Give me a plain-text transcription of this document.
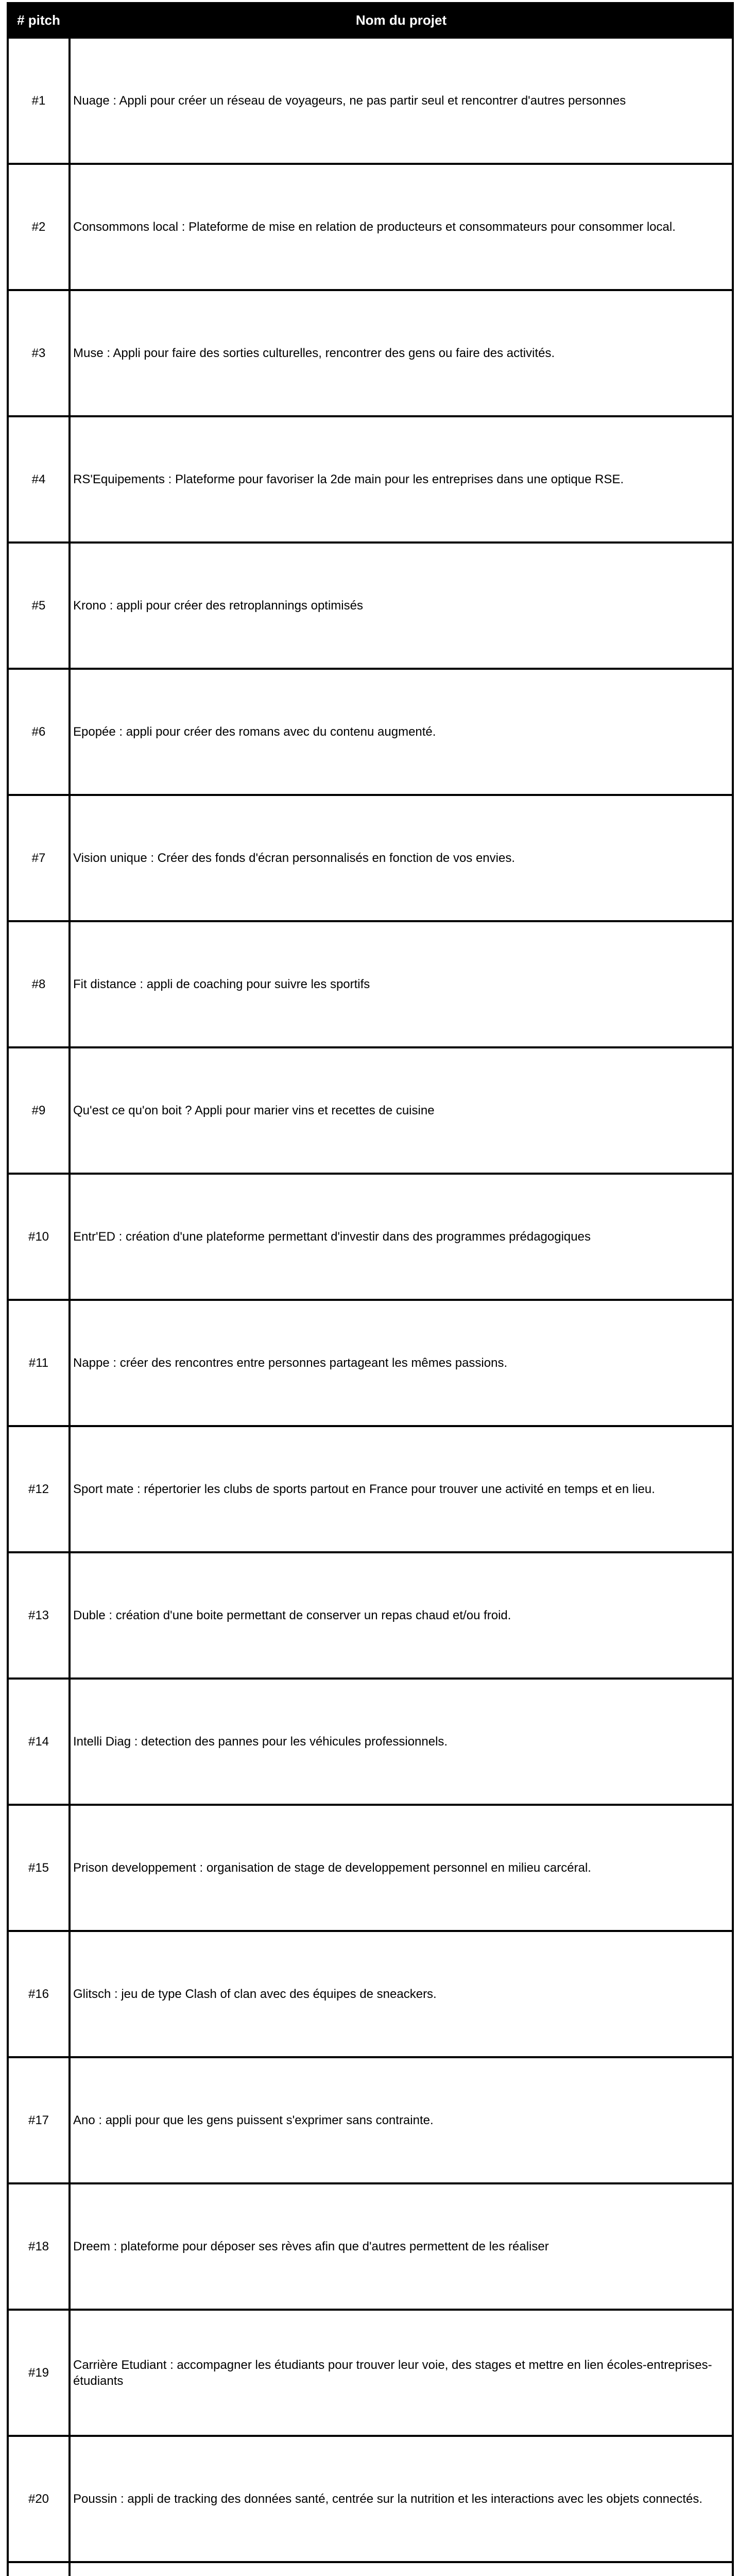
# pitch	Nom du projet
#1	Nuage : Appli pour créer un réseau de voyageurs, ne pas partir seul et rencontrer d'autres personnes
#2	Consommons local : Plateforme de mise en relation de producteurs et consommateurs pour consommer local.
#3	Muse : Appli pour faire des sorties culturelles, rencontrer des gens ou faire des activités.
#4	RS'Equipements : Plateforme pour favoriser la 2de main pour les entreprises dans une optique RSE.
#5	Krono : appli pour créer des retroplannings optimisés
#6	Epopée : appli pour créer des romans avec du contenu augmenté.
#7	Vision unique : Créer des fonds d'écran personnalisés en fonction de vos envies.
#8	Fit distance : appli de coaching pour suivre les sportifs
#9	Qu'est ce qu'on boit ? Appli pour marier vins et recettes de cuisine
#10	Entr'ED : création d'une plateforme permettant d'investir dans des programmes prédagogiques
#11	Nappe : créer des rencontres entre personnes partageant les mêmes passions.
#12	Sport mate : répertorier les clubs de sports partout en France pour trouver une activité en temps et en lieu.
#13	Duble : création d'une boite permettant de conserver un repas chaud et/ou froid.
#14	Intelli Diag : detection des pannes pour les véhicules professionnels.
#15	Prison developpement : organisation de stage de developpement personnel en milieu carcéral.
#16	Glitsch : jeu de type Clash of clan avec des équipes de sneackers.
#17	Ano : appli pour que les gens puissent s'exprimer sans contrainte.
#18	Dreem : plateforme pour déposer ses rèves afin que d'autres permettent de les réaliser
#19	Carrière Etudiant : accompagner les étudiants pour trouver leur voie, des stages et mettre en lien écoles-entreprises-étudiants
#20	Poussin : appli de tracking des données santé, centrée sur la nutrition et les interactions avec les objets connectés.
